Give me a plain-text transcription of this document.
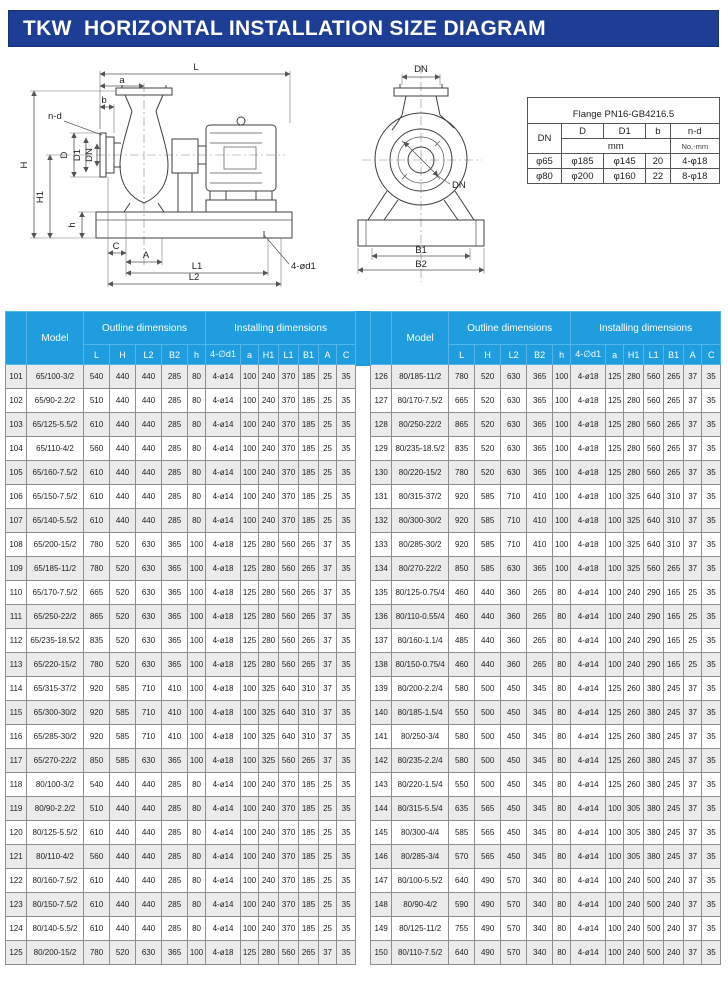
TKW  HORIZONTAL INSTALLATION SIZE DIAGRAM
L
a
b
n-d
H
H1
D D1 DN
h
C
A
L1
L2
4-ød1
DN
DN
B1
B2
Flange PN16-GB4216.5				
DN	D	D1	b	n-d
	mm			No.-mm
φ65	φ185	φ145	20	4-φ18
φ80	φ200	φ160	22	8-φ18
	Model	Outline dimensions					Installing dimensions						
		L	H	L2	B2	h	4-∅d1	a	H1	L1	B1	A	C
101	65/100-3/2	540	440	440	285	80	4-ø14	100	240	370	185	25	35
102	65/90-2.2/2	510	440	440	285	80	4-ø14	100	240	370	185	25	35
103	65/125-5.5/2	610	440	440	285	80	4-ø14	100	240	370	185	25	35
104	65/110-4/2	560	440	440	285	80	4-ø14	100	240	370	185	25	35
105	65/160-7.5/2	610	440	440	285	80	4-ø14	100	240	370	185	25	35
106	65/150-7.5/2	610	440	440	285	80	4-ø14	100	240	370	185	25	35
107	65/140-5.5/2	610	440	440	285	80	4-ø14	100	240	370	185	25	35
108	65/200-15/2	780	520	630	365	100	4-ø18	125	280	560	265	37	35
109	65/185-11/2	780	520	630	365	100	4-ø18	125	280	560	265	37	35
110	65/170-7.5/2	665	520	630	365	100	4-ø18	125	280	560	265	37	35
111	65/250-22/2	865	520	630	365	100	4-ø18	125	280	560	265	37	35
112	65/235-18.5/2	835	520	630	365	100	4-ø18	125	280	560	265	37	35
113	65/220-15/2	780	520	630	365	100	4-ø18	125	280	560	265	37	35
114	65/315-37/2	920	585	710	410	100	4-ø18	100	325	640	310	37	35
115	65/300-30/2	920	585	710	410	100	4-ø18	100	325	640	310	37	35
116	65/285-30/2	920	585	710	410	100	4-ø18	100	325	640	310	37	35
117	65/270-22/2	850	585	630	365	100	4-ø18	100	325	560	265	37	35
118	80/100-3/2	540	440	440	285	80	4-ø14	100	240	370	185	25	35
119	80/90-2.2/2	510	440	440	285	80	4-ø14	100	240	370	185	25	35
120	80/125-5.5/2	610	440	440	285	80	4-ø14	100	240	370	185	25	35
121	80/110-4/2	560	440	440	285	80	4-ø14	100	240	370	185	25	35
122	80/160-7.5/2	610	440	440	285	80	4-ø14	100	240	370	185	25	35
123	80/150-7.5/2	610	440	440	285	80	4-ø14	100	240	370	185	25	35
124	80/140-5.5/2	610	440	440	285	80	4-ø14	100	240	370	185	25	35
125	80/200-15/2	780	520	630	365	100	4-ø18	125	280	560	265	37	35
	Model	Outline dimensions					Installing dimensions						
		L	H	L2	B2	h	4-∅d1	a	H1	L1	B1	A	C
126	80/185-11/2	780	520	630	365	100	4-ø18	125	280	560	265	37	35
127	80/170-7.5/2	665	520	630	365	100	4-ø18	125	280	560	265	37	35
128	80/250-22/2	865	520	630	365	100	4-ø18	125	280	560	265	37	35
129	80/235-18.5/2	835	520	630	365	100	4-ø18	125	280	560	265	37	35
130	80/220-15/2	780	520	630	365	100	4-ø18	125	280	560	265	37	35
131	80/315-37/2	920	585	710	410	100	4-ø18	100	325	640	310	37	35
132	80/300-30/2	920	585	710	410	100	4-ø18	100	325	640	310	37	35
133	80/285-30/2	920	585	710	410	100	4-ø18	100	325	640	310	37	35
134	80/270-22/2	850	585	630	365	100	4-ø18	100	325	560	265	37	35
135	80/125-0.75/4	460	440	360	265	80	4-ø14	100	240	290	165	25	35
136	80/110-0.55/4	460	440	360	265	80	4-ø14	100	240	290	165	25	35
137	80/160-1.1/4	485	440	360	265	80	4-ø14	100	240	290	165	25	35
138	80/150-0.75/4	460	440	360	265	80	4-ø14	100	240	290	165	25	35
139	80/200-2.2/4	580	500	450	345	80	4-ø14	125	260	380	245	37	35
140	80/185-1.5/4	550	500	450	345	80	4-ø14	125	260	380	245	37	35
141	80/250-3/4	580	500	450	345	80	4-ø14	125	260	380	245	37	35
142	80/235-2.2/4	580	500	450	345	80	4-ø14	125	260	380	245	37	35
143	80/220-1.5/4	550	500	450	345	80	4-ø14	125	260	380	245	37	35
144	80/315-5.5/4	635	565	450	345	80	4-ø14	100	305	380	245	37	35
145	80/300-4/4	585	565	450	345	80	4-ø14	100	305	380	245	37	35
146	80/285-3/4	570	565	450	345	80	4-ø14	100	305	380	245	37	35
147	80/100-5.5/2	640	490	570	340	80	4-ø14	100	240	500	240	37	35
148	80/90-4/2	590	490	570	340	80	4-ø14	100	240	500	240	37	35
149	80/125-11/2	755	490	570	340	80	4-ø14	100	240	500	240	37	35
150	80/110-7.5/2	640	490	570	340	80	4-ø14	100	240	500	240	37	35
